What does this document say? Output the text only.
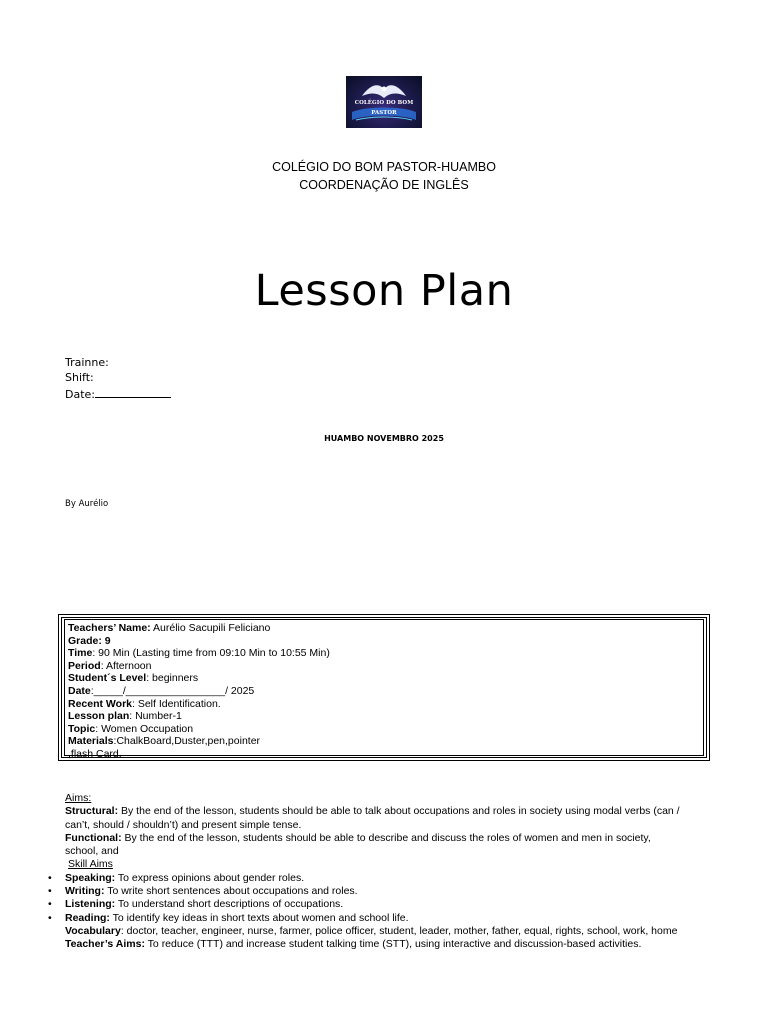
COLÉGIO DO BOM PASTOR
COLÉGIO DO BOM PASTOR-HUAMBO
COORDENAÇÃO DE INGLÊS
Lesson Plan
Trainne:
Shift:
Date:
HUAMBO NOVEMBRO 2025
By Aurélio
Teachers’ Name: Aurélio Sacupili Feliciano
Grade: 9
Time: 90 Min (Lasting time from 09:10 Min to 10:55 Min)
Period: Afternoon
Student´s Level: beginners
Date:_____/_________________/ 2025
Recent Work: Self Identification.
Lesson plan: Number-1
Topic: Women Occupation
Materials:ChalkBoard,Duster,pen,pointer
,flash Card.
Aims:
Structural: By the end of the lesson, students should be able to talk about occupations and roles in society using modal verbs (can / can’t, should / shouldn’t) and present simple tense.
Functional: By the end of the lesson, students should be able to describe and discuss the roles of women and men in society, school, and
Skill Aims
• Speaking: To express opinions about gender roles.
• Writing: To write short sentences about occupations and roles.
• Listening: To understand short descriptions of occupations.
• Reading: To identify key ideas in short texts about women and school life.
Vocabulary: doctor, teacher, engineer, nurse, farmer, police officer, student, leader, mother, father, equal, rights, school, work, home
Teacher’s Aims: To reduce (TTT) and increase student talking time (STT), using interactive and discussion-based activities.
